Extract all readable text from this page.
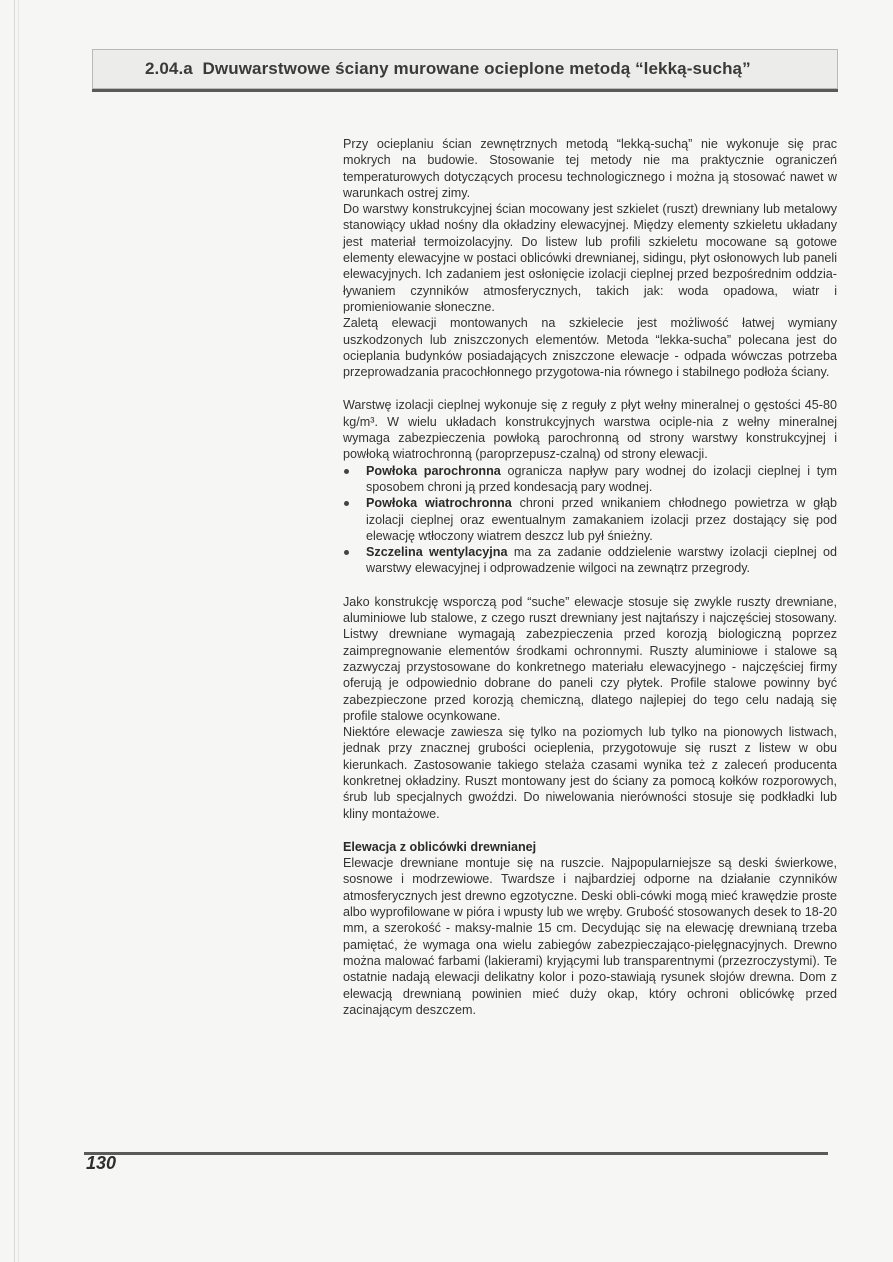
2.04.a Dwuwarstwowe ściany murowane ocieplone metodą “lekką-suchą”

Przy ocieplaniu ścian zewnętrznych metodą “lekką-suchą” nie wykonuje się prac mokrych na budowie. Stosowanie tej metody nie ma praktycznie ograniczeń temperaturowych dotyczących procesu technologicznego i można ją stosować nawet w warunkach ostrej zimy.

Do warstwy konstrukcyjnej ścian mocowany jest szkielet (ruszt) drewniany lub metalowy stanowiący układ nośny dla okładziny elewacyjnej. Między elementy szkieletu układany jest materiał termoizolacyjny. Do listew lub profili szkieletu mocowane są gotowe elementy elewacyjne w postaci oblicówki drewnianej, sidingu, płyt osłonowych lub paneli elewacyjnych. Ich zadaniem jest osłonięcie izolacji cieplnej przed bezpośrednim oddzia-ływaniem czynników atmosferycznych, takich jak: woda opadowa, wiatr i promieniowanie słoneczne.

Zaletą elewacji montowanych na szkielecie jest możliwość łatwej wymiany uszkodzonych lub zniszczonych elementów. Metoda “lekka-sucha” polecana jest do ocieplania budynków posiadających zniszczone elewacje - odpada wówczas potrzeba przeprowadzania pracochłonnego przygotowa-nia równego i stabilnego podłoża ściany.

Warstwę izolacji cieplnej wykonuje się z reguły z płyt wełny mineralnej o gęstości 45-80 kg/m³. W wielu układach konstrukcyjnych warstwa ociple-nia z wełny mineralnej wymaga zabezpieczenia powłoką parochronną od strony warstwy konstrukcyjnej i powłoką wiatrochronną (paroprzepusz-czalną) od strony elewacji.

Powłoka parochronna ogranicza napływ pary wodnej do izolacji cieplnej i tym sposobem chroni ją przed kondesacją pary wodnej.
Powłoka wiatrochronna chroni przed wnikaniem chłodnego powietrza w głąb izolacji cieplnej oraz ewentualnym zamakaniem izolacji przez dostający się pod elewację wtłoczony wiatrem deszcz lub pył śnieżny.
Szczelina wentylacyjna ma za zadanie oddzielenie warstwy izolacji cieplnej od warstwy elewacyjnej i odprowadzenie wilgoci na zewnątrz przegrody.

Jako konstrukcję wsporczą pod “suche” elewacje stosuje się zwykle ruszty drewniane, aluminiowe lub stalowe, z czego ruszt drewniany jest najtańszy i najczęściej stosowany. Listwy drewniane wymagają zabezpieczenia przed korozją biologiczną poprzez zaimpregnowanie elementów środkami ochronnymi. Ruszty aluminiowe i stalowe są zazwyczaj przystosowane do konkretnego materiału elewacyjnego - najczęściej firmy oferują je odpowiednio dobrane do paneli czy płytek. Profile stalowe powinny być zabezpieczone przed korozją chemiczną, dlatego najlepiej do tego celu nadają się profile stalowe ocynkowane.

Niektóre elewacje zawiesza się tylko na poziomych lub tylko na pionowych listwach, jednak przy znacznej grubości ocieplenia, przygotowuje się ruszt z listew w obu kierunkach. Zastosowanie takiego stelaża czasami wynika też z zaleceń producenta konkretnej okładziny. Ruszt montowany jest do ściany za pomocą kołków rozporowych, śrub lub specjalnych gwoździ. Do niwelowania nierówności stosuje się podkładki lub kliny montażowe.

Elewacja z oblicówki drewnianej

Elewacje drewniane montuje się na ruszcie. Najpopularniejsze są deski świerkowe, sosnowe i modrzewiowe. Twardsze i najbardziej odporne na działanie czynników atmosferycznych jest drewno egzotyczne. Deski obli-cówki mogą mieć krawędzie proste albo wyprofilowane w pióra i wpusty lub we wręby. Grubość stosowanych desek to 18-20 mm, a szerokość - maksy-malnie 15 cm. Decydując się na elewację drewnianą trzeba pamiętać, że wymaga ona wielu zabiegów zabezpieczająco-pielęgnacyjnych. Drewno można malować farbami (lakierami) kryjącymi lub transparentnymi (przezroczystymi). Te ostatnie nadają elewacji delikatny kolor i pozo-stawiają rysunek słojów drewna. Dom z elewacją drewnianą powinien mieć duży okap, który ochroni oblicówkę przed zacinającym deszczem.

130
